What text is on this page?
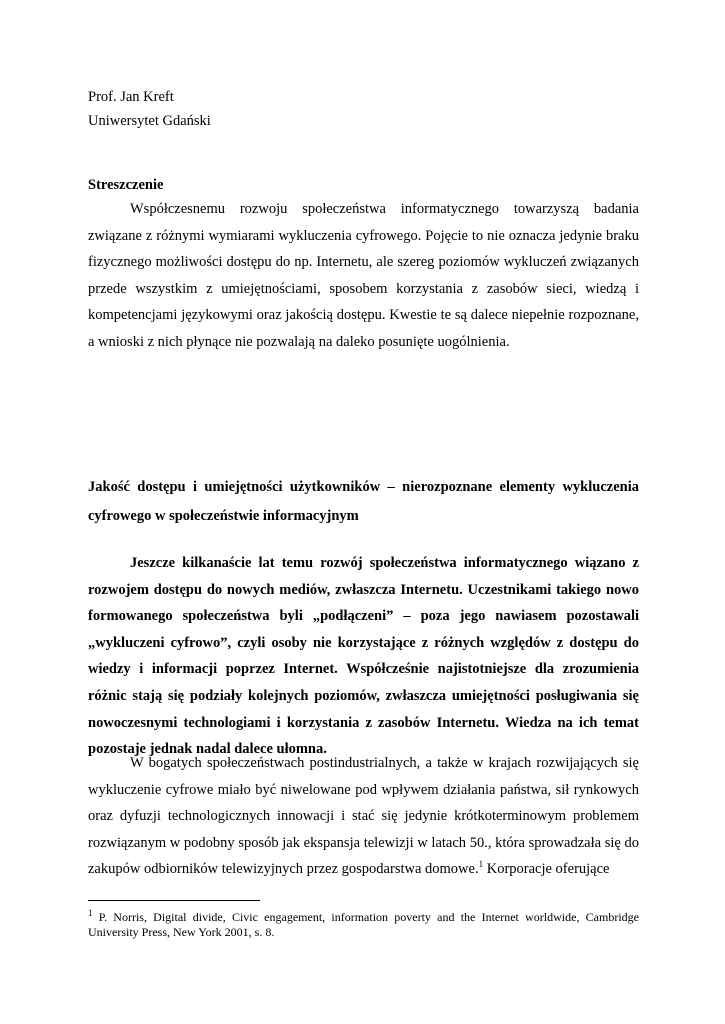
Prof. Jan Kreft
Uniwersytet Gdański
Streszczenie

Współczesnemu rozwoju społeczeństwa informatycznego towarzyszą badania związane z różnymi wymiarami wykluczenia cyfrowego. Pojęcie to nie oznacza jedynie braku fizycznego możliwości dostępu do np. Internetu, ale szereg poziomów wykluczeń związanych przede wszystkim z umiejętnościami, sposobem korzystania z zasobów sieci, wiedzą i kompetencjami językowymi oraz jakością dostępu. Kwestie te są dalece niepełnie rozpoznane, a wnioski z nich płynące nie pozwalają na daleko posunięte uogólnienia.

Jakość dostępu i umiejętności użytkowników – nierozpoznane elementy wykluczenia cyfrowego w społeczeństwie informacyjnym

Jeszcze kilkanaście lat temu rozwój społeczeństwa informatycznego wiązano z rozwojem dostępu do nowych mediów, zwłaszcza Internetu. Uczestnikami takiego nowo formowanego społeczeństwa byli „podłączeni” – poza jego nawiasem pozostawali „wykluczeni cyfrowo”, czyli osoby nie korzystające z różnych względów z dostępu do wiedzy i informacji poprzez Internet. Współcześnie najistotniejsze dla zrozumienia różnic stają się podziały kolejnych poziomów, zwłaszcza umiejętności posługiwania się nowoczesnymi technologiami i korzystania z zasobów Internetu. Wiedza na ich temat pozostaje jednak nadal dalece ułomna.

W bogatych społeczeństwach postindustrialnych, a także w krajach rozwijających się wykluczenie cyfrowe miało być niwelowane pod wpływem działania państwa, sił rynkowych oraz dyfuzji technologicznych innowacji i stać się jedynie krótkoterminowym problemem rozwiązanym w podobny sposób jak ekspansja telewizji w latach 50., która sprowadzała się do zakupów odbiorników telewizyjnych przez gospodarstwa domowe.$^1$ Korporacje oferujące

$^1$ P. Norris, Digital divide, Civic engagement, information poverty and the Internet worldwide, Cambridge University Press, New York 2001, s. 8.
